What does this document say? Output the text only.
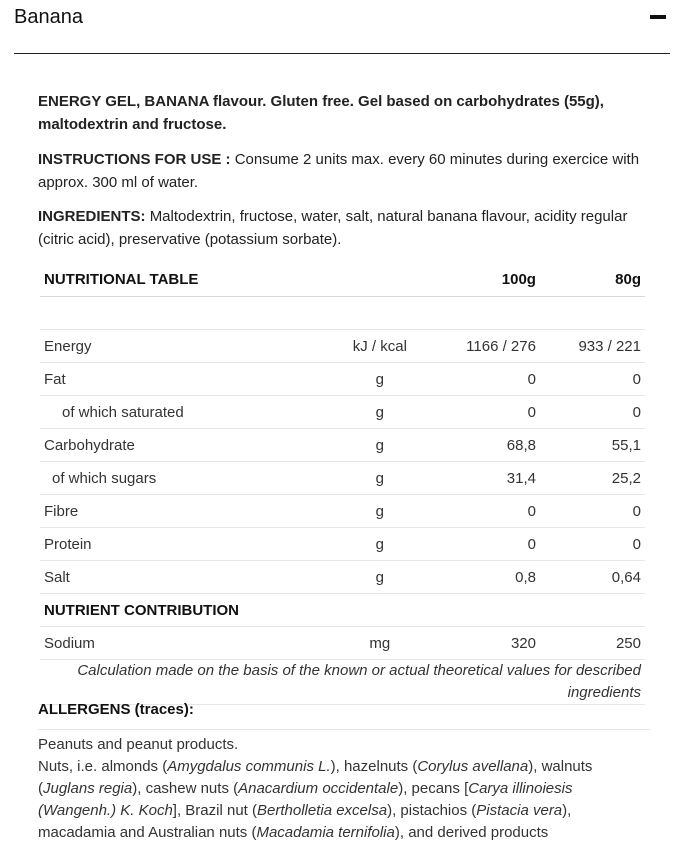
Banana
ENERGY GEL, BANANA flavour. Gluten free. Gel based on carbohydrates (55g), maltodextrin and fructose.
INSTRUCTIONS FOR USE : Consume 2 units max. every 60 minutes during exercice with approx. 300 ml of water.
INGREDIENTS: Maltodextrin, fructose, water, salt, natural banana flavour, acidity regular (citric acid), preservative (potassium sorbate).
NUTRITIONAL TABLE		100g	80g

Energy	kJ / kcal	1166 / 276	933 / 221
Fat	g	0	0
of which saturated	g	0	0
Carbohydrate	g	68,8	55,1
of which sugars	g	31,4	25,2
Fibre	g	0	0
Protein	g	0	0
Salt	g	0,8	0,64
NUTRIENT CONTRIBUTION			
Sodium	mg	320	250
Calculation made on the basis of the known or actual theoretical values for described ingredients			
ALLERGENS (traces):
Peanuts and peanut products.
Nuts, i.e. almonds (Amygdalus communis L.), hazelnuts (Corylus avellana), walnuts (Juglans regia), cashew nuts (Anacardium occidentale), pecans [Carya illinoiesis (Wangenh.) K. Koch], Brazil nut (Bertholletia excelsa), pistachios (Pistacia vera), macadamia and Australian nuts (Macadamia ternifolia), and derived products
